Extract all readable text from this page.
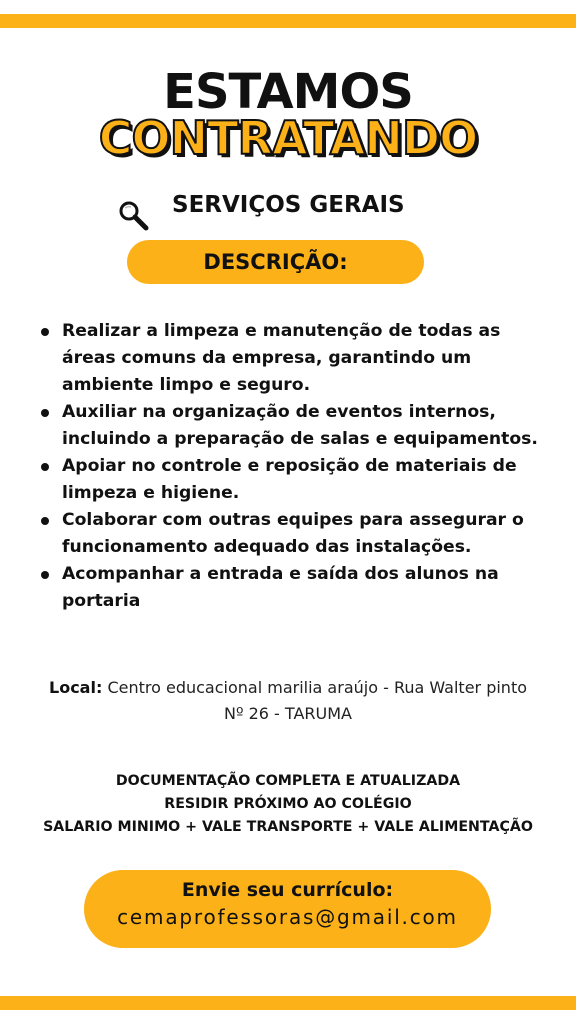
ESTAMOS
CONTRATANDO
SERVIÇOS GERAIS
DESCRIÇÃO:
Realizar a limpeza e manutenção de todas as áreas comuns da empresa, garantindo um ambiente limpo e seguro.
Auxiliar na organização de eventos internos, incluindo a preparação de salas e equipamentos.
Apoiar no controle e reposição de materiais de limpeza e higiene.
Colaborar com outras equipes para assegurar o funcionamento adequado das instalações.
Acompanhar a entrada e saída dos alunos na portaria
Local: Centro educacional marilia araújo - Rua Walter pinto Nº 26 - TARUMA
DOCUMENTAÇÃO COMPLETA E ATUALIZADA
RESIDIR PRÓXIMO AO COLÉGIO
SALARIO MINIMO + VALE TRANSPORTE + VALE ALIMENTAÇÃO
Envie seu currículo:
cemaprofessoras@gmail.com
